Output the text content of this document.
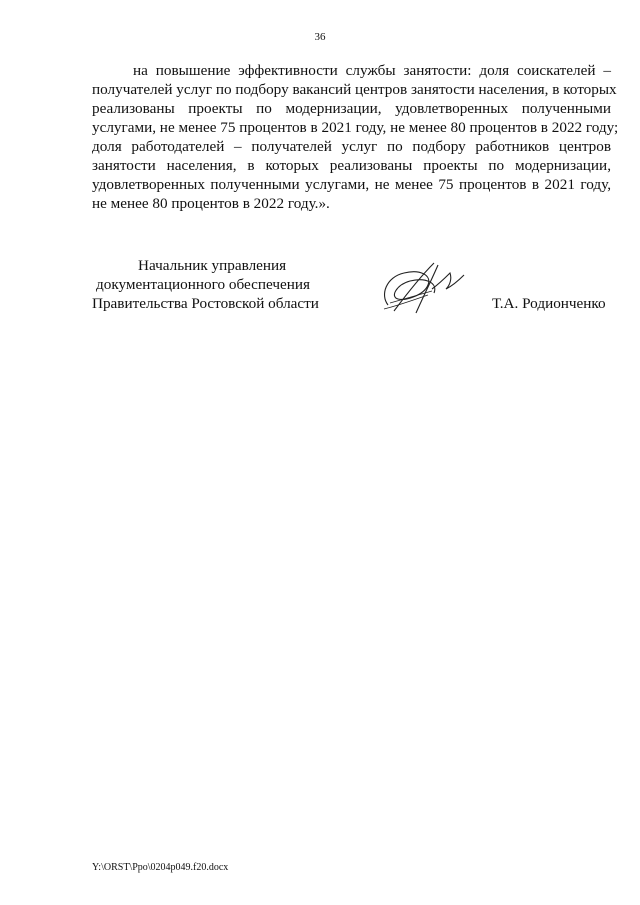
36
на повышение эффективности службы занятости: доля соискателей –
получателей услуг по подбору вакансий центров занятости населения, в которых
реализованы проекты по модернизации, удовлетворенных полученными
услугами, не менее 75 процентов в 2021 году, не менее 80 процентов в 2022 году;
доля работодателей – получателей услуг по подбору работников центров
занятости населения, в которых реализованы проекты по модернизации,
удовлетворенных полученными услугами, не менее 75 процентов в 2021 году,
не менее 80 процентов в 2022 году.».
Начальник управления
документационного обеспечения
Правительства Ростовской области	Т.А. Родионченко
Y:\ORST\Ppo\0204p049.f20.docx
